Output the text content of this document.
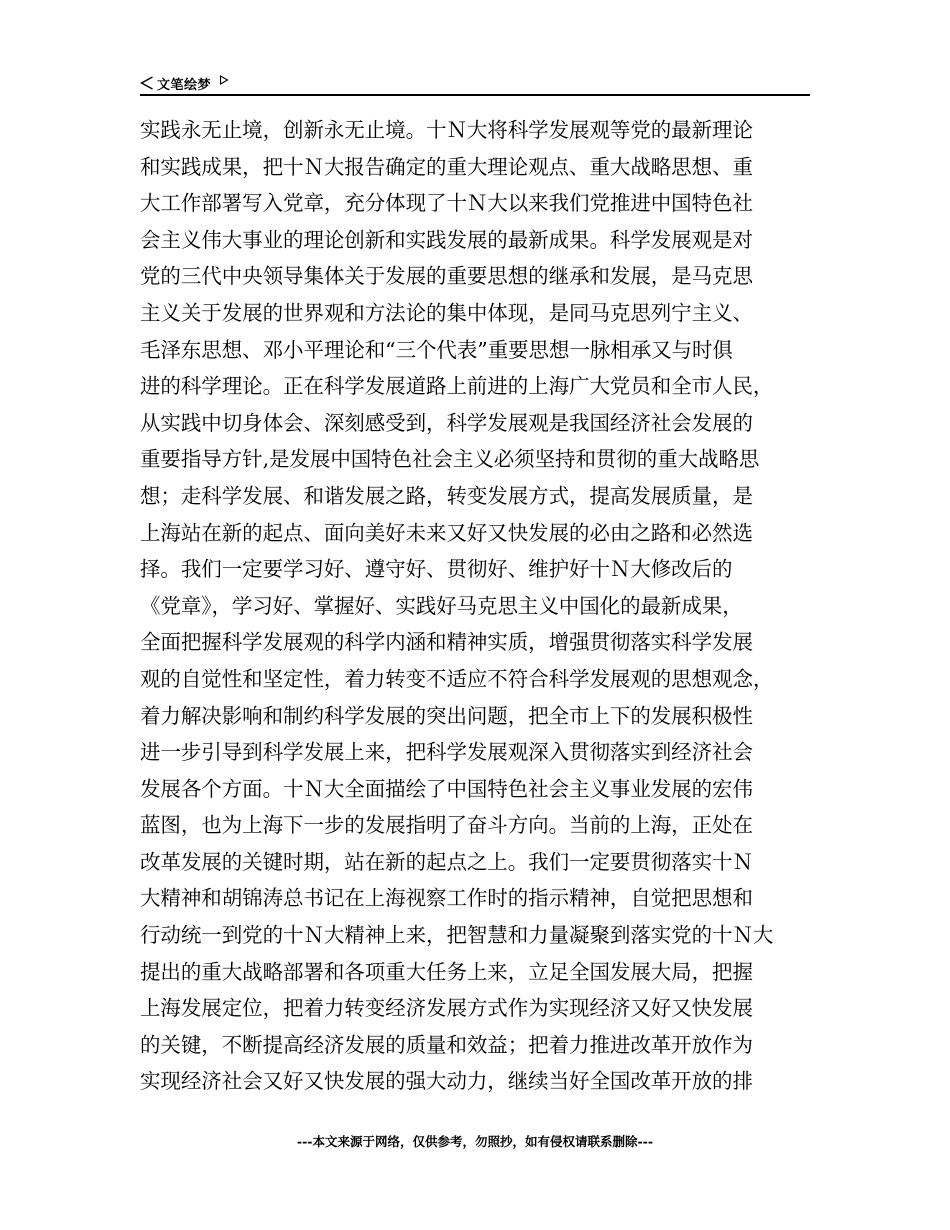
文笔绘梦
实践永无止境，创新永无止境。十Ｎ大将科学发展观等党的最新理论
和实践成果，把十Ｎ大报告确定的重大理论观点、重大战略思想、重
大工作部署写入党章，充分体现了十Ｎ大以来我们党推进中国特色社
会主义伟大事业的理论创新和实践发展的最新成果。科学发展观是对
党的三代中央领导集体关于发展的重要思想的继承和发展，是马克思
主义关于发展的世界观和方法论的集中体现，是同马克思列宁主义、
毛泽东思想、邓小平理论和“三个代表”重要思想一脉相承又与时俱
进的科学理论。正在科学发展道路上前进的上海广大党员和全市人民，
从实践中切身体会、深刻感受到，科学发展观是我国经济社会发展的
重要指导方针,是发展中国特色社会主义必须坚持和贯彻的重大战略思
想；走科学发展、和谐发展之路，转变发展方式，提高发展质量，是
上海站在新的起点、面向美好未来又好又快发展的必由之路和必然选
择。我们一定要学习好、遵守好、贯彻好、维护好十Ｎ大修改后的
《党章》，学习好、掌握好、实践好马克思主义中国化的最新成果，
全面把握科学发展观的科学内涵和精神实质，增强贯彻落实科学发展
观的自觉性和坚定性，着力转变不适应不符合科学发展观的思想观念，
着力解决影响和制约科学发展的突出问题，把全市上下的发展积极性
进一步引导到科学发展上来，把科学发展观深入贯彻落实到经济社会
发展各个方面。十Ｎ大全面描绘了中国特色社会主义事业发展的宏伟
蓝图，也为上海下一步的发展指明了奋斗方向。当前的上海，正处在
改革发展的关键时期，站在新的起点之上。我们一定要贯彻落实十Ｎ
大精神和胡锦涛总书记在上海视察工作时的指示精神，自觉把思想和
行动统一到党的十Ｎ大精神上来，把智慧和力量凝聚到落实党的十Ｎ大
提出的重大战略部署和各项重大任务上来，立足全国发展大局，把握
上海发展定位，把着力转变经济发展方式作为实现经济又好又快发展
的关键，不断提高经济发展的质量和效益；把着力推进改革开放作为
实现经济社会又好又快发展的强大动力，继续当好全国改革开放的排
---本文来源于网络，仅供参考，勿照抄，如有侵权请联系删除---
